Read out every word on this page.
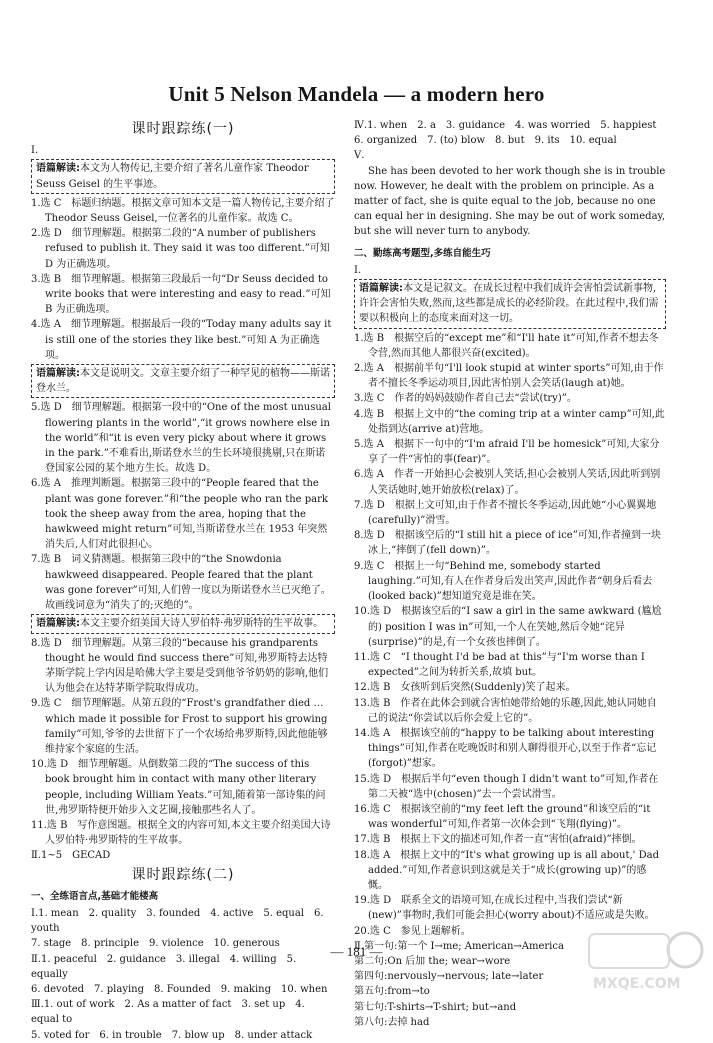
Unit 5 Nelson Mandela — a modern hero

课时跟踪练(一)

Ⅰ.

语篇解读:本文为人物传记,主要介绍了著名儿童作家 Theodor Seuss Geisel 的生平事迹。

1.选 C　标题归纳题。根据文章可知本文是一篇人物传记,主要介绍了 Theodor Seuss Geisel,一位著名的儿童作家。故选 C。

2.选 D　细节理解题。根据第二段的“A number of publishers refused to publish it. They said it was too different.”可知 D 为正确选项。

3.选 B　细节理解题。根据第三段最后一句“Dr Seuss decided to write books that were interesting and easy to read.”可知 B 为正确选项。

4.选 A　细节理解题。根据最后一段的“Today many adults say it is still one of the stories they like best.”可知 A 为正确选项。

语篇解读:本文是说明文。文章主要介绍了一种罕见的植物——斯诺登水兰。

5.选 D　细节理解题。根据第一段中的“One of the most unusual flowering plants in the world”,“it grows nowhere else in the world”和“it is even very picky about where it grows in the park.”不难看出,斯诺登水兰的生长环境很挑剔,只在斯诺登国家公园的某个地方生长。故选 D。

6.选 A　推理判断题。根据第三段中的“People feared that the plant was gone forever.”和“the people who ran the park took the sheep away from the area, hoping that the hawkweed might return”可知,当斯诺登水兰在 1953 年突然消失后,人们对此很担心。

7.选 B　词义猜测题。根据第三段中的“the Snowdonia hawkweed disappeared. People feared that the plant was gone forever”可知,人们曾一度以为斯诺登水兰已灭绝了。故画线词意为“消失了的;灭绝的”。

语篇解读:本文主要介绍美国大诗人罗伯特·弗罗斯特的生平故事。

8.选 D　细节理解题。从第三段的“because his grandparents thought he would find success there”可知,弗罗斯特去达特茅斯学院上学内因是哈佛大学主要是受到他爷爷奶奶的影响,他们认为他会在达特茅斯学院取得成功。

9.选 C　细节理解题。从第五段的“Frost's grandfather died … which made it possible for Frost to support his growing family”可知,爷爷的去世留下了一个农场给弗罗斯特,因此他能够维持家个家庭的生活。

10.选 D　细节理解题。从倒数第二段的“The success of this book brought him in contact with many other literary people, including William Yeats.”可知,随着第一部诗集的问世,弗罗斯特便开始步入文艺圈,接触那些名人了。

11.选 B　写作意图题。根据全文的内容可知,本文主要介绍美国大诗人罗伯特·弗罗斯特的生平故事。

Ⅱ.1~5　GECAD

课时跟踪练(二)

一、全练语言点,基础才能楼高

Ⅰ.1. mean　2. quality　3. founded　4. active　5. equal　6. youth

7. stage　8. principle　9. violence　10. generous

Ⅱ.1. peaceful　2. guidance　3. illegal　4. willing　5. equally

6. devoted　7. playing　8. Founded　9. making　10. when

Ⅲ.1. out of work　2. As a matter of fact　3. set up　4. equal to

5. voted for　6. in trouble　7. blow up　8. under attack

Ⅳ.1. when　2. a　3. guidance　4. was worried　5. happiest

6. organized　7. (to) blow　8. but　9. its　10. equal

Ⅴ.

She has been devoted to her work though she is in trouble now. However, he dealt with the problem on principle. As a matter of fact, she is quite equal to the job, because no one can equal her in designing. She may be out of work someday, but she will never turn to anybody.

二、勤练高考题型,多练自能生巧

Ⅰ.

语篇解读:本文是记叙文。在成长过程中我们成许会害怕尝试新事物,许许会害怕失败,然而,这些都是成长的必经阶段。在此过程中,我们需要以积极向上的态度来面对这一切。

1.选 B　根据空后的“except me”和“I'll hate it”可知,作者不想去冬令营,然而其他人都很兴奋(excited)。

2.选 A　根据前半句“I'll look stupid at winter sports”可知,由于作者不擅长冬季运动项目,因此害怕别人会笑话(laugh at)她。

3.选 C　作者的妈妈鼓励作者自己去“尝试(try)”。

4.选 B　根据上文中的“the coming trip at a winter camp”可知,此处指到达(arrive at)营地。

5.选 A　根据下一句中的“I'm afraid I'll be homesick”可知,大家分享了一件“害怕的事(fear)”。

6.选 A　作者一开始担心会被别人笑话,担心会被别人笑话,因此听到别人笑话她时,她开始放松(relax)了。

7.选 D　根据上文可知,由于作者不擅长冬季运动,因此她“小心翼翼地(carefully)”滑雪。

8.选 D　根据该空后的“I still hit a piece of ice”可知,作者撞到一块冰上,“摔倒了(fell down)”。

9.选 C　根据上一句“Behind me, somebody started laughing.”可知,有人在作者身后发出笑声,因此作者“朝身后看去(looked back)”想知道究竟是谁在笑。

10.选 D　根据该空后的“I saw a girl in the same awkward (尴尬的) position I was in”可知,一个人在笑她,然后令她“诧异(surprise)”的是,有一个女孩也摔倒了。

11.选 C　“I thought I'd be bad at this”与“I'm worse than I expected”之间为转折关系,故填 but。

12.选 B　女孩听到后突然(Suddenly)笑了起来。

13.选 B　作者在此体会到就合害怕她带给她的乐趣,因此,她认同她自己的说法“你尝试以后你会爱上它的”。

14.选 A　根据该空前的“happy to be talking about interesting things”可知,作者在吃晚饭时和别人聊得很开心,以至于作者“忘记(forgot)”想家。

15.选 D　根据后半句“even though I didn't want to”可知,作者在第二天被“选中(chosen)”去一个尝试滑雪。

16.选 C　根据该空前的“my feet left the ground”和该空后的“it was wonderful”可知,作者第一次体会到“飞翔(flying)”。

17.选 B　根据上下文的描述可知,作者一直“害怕(afraid)”摔倒。

18.选 A　根据上文中的“It's what growing up is all about,' Dad added.”可知,作者意识到这就是关于“成长(growing up)”的感慨。

19.选 D　联系全文的语境可知,在成长过程中,当我们尝试“新(new)”事物时,我们可能会担心(worry about)不适应或是失败。

20.选 C　参见上题解析。

Ⅱ.第一句:第一个 I→me; American→America

第二句:On 后加 the; wear→wore

第四句:nervously→nervous; late→later

第五句:from→to

第七句:T-shirts→T-shirt; but→and

第八句:去掉 had

— 181 —
MXQE.COM
